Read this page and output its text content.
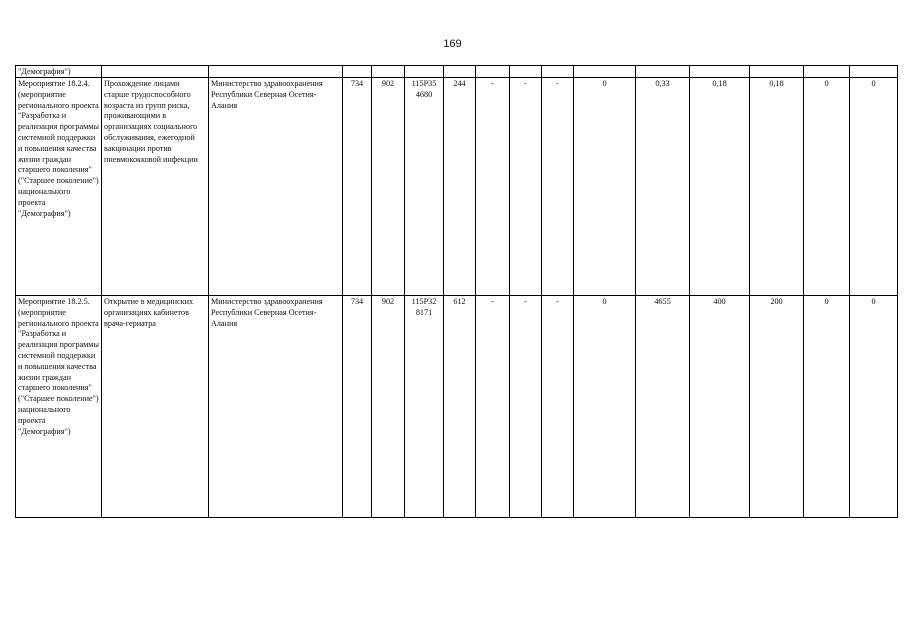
169
"Демография")															
Мероприятие 18.2.4. (мероприятие регионального проекта "Разработка и реализация программы системной поддержки и повышения качества жизни граждан старшего поколения" ("Старшее поколение") национального проекта "Демография")	Прохождение лицами старше трудоспособного возраста из групп риска, проживающими в организациях социального обслуживания, ежегодной вакцинации против пневмококковой инфекции	Министерство здравоохранения Республики Северная Осетия-Алания	734	902	115P35 4680	244	-	-	-	0	0,33	0,18	0,18	0	0
Мероприятие 18.2.5. (мероприятие регионального проекта "Разработка и реализация программы системной поддержки и повышения качества жизни граждан старшего поколения" ("Старшее поколение") национального проекта "Демография")	Открытие в медицинских организациях кабинетов врача-гериатра	Министерство здравоохранения Республики Северная Осетия-Алания	734	902	115P32 8171	612	-	-	-	0	4655	400	200	0	0
